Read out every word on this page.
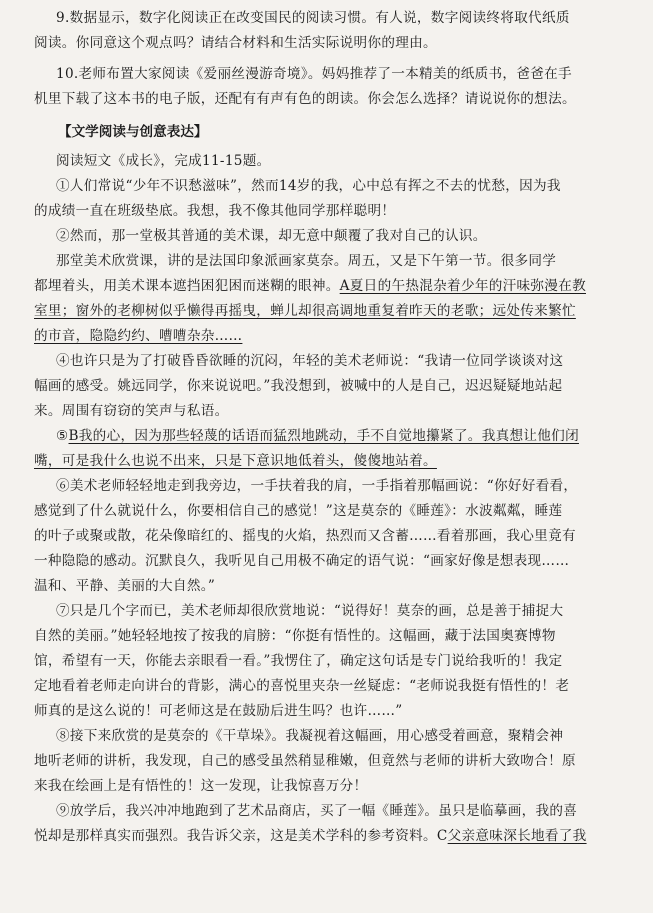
9.数据显示，数字化阅读正在改变国民的阅读习惯。有人说，数字阅读终将取代纸质
阅读。你同意这个观点吗？请结合材料和生活实际说明你的理由。
10.老师布置大家阅读《爱丽丝漫游奇境》。妈妈推荐了一本精美的纸质书，爸爸在手
机里下载了这本书的电子版，还配有有声有色的朗读。你会怎么选择？请说说你的想法。
【文学阅读与创意表达】
阅读短文《成长》，完成11-15题。
①人们常说“少年不识愁滋味”，然而14岁的我，心中总有挥之不去的忧愁，因为我
的成绩一直在班级垫底。我想，我不像其他同学那样聪明！
②然而，那一堂极其普通的美术课，却无意中颠覆了我对自己的认识。
那堂美术欣赏课，讲的是法国印象派画家莫奈。周五，又是下午第一节。很多同学
都埋着头，用美术课本遮挡困犯困而迷糊的眼神。A夏日的午热混杂着少年的汗味弥漫在教
室里；窗外的老柳树似乎懒得再摇曳，蝉儿却很高调地重复着昨天的老歌；远处传来繁忙
的市音，隐隐约约、嘈嘈杂杂……
④也许只是为了打破昏昏欲睡的沉闷，年轻的美术老师说：“我请一位同学谈谈对这
幅画的感受。姚远同学，你来说说吧。”我没想到，被喊中的人是自己，迟迟疑疑地站起
来。周围有窃窃的笑声与私语。
⑤B我的心，因为那些轻蔑的话语而猛烈地跳动，手不自觉地攥紧了。我真想让他们闭
嘴，可是我什么也说不出来，只是下意识地低着头，傻傻地站着。
⑥美术老师轻轻地走到我旁边，一手扶着我的肩，一手指着那幅画说：“你好好看看，
感觉到了什么就说什么，你要相信自己的感觉！”这是莫奈的《睡莲》：水波粼粼，睡莲
的叶子或聚或散，花朵像暗红的、摇曳的火焰，热烈而又含蓄……看着那画，我心里竟有
一种隐隐的感动。沉默良久，我听见自己用极不确定的语气说：“画家好像是想表现……
温和、平静、美丽的大自然。”
⑦只是几个字而已，美术老师却很欣赏地说：“说得好！莫奈的画，总是善于捕捉大
自然的美丽。”她轻轻地按了按我的肩膀：“你挺有悟性的。这幅画，藏于法国奥赛博物
馆，希望有一天，你能去亲眼看一看。”我愣住了，确定这句话是专门说给我听的！我定
定地看着老师走向讲台的背影，满心的喜悦里夹杂一丝疑虑：“老师说我挺有悟性的！老
师真的是这么说的！可老师这是在鼓励后进生吗？也许……”
⑧接下来欣赏的是莫奈的《干草垛》。我凝视着这幅画，用心感受着画意，聚精会神
地听老师的讲析，我发现，自己的感受虽然稍显稚嫩，但竟然与老师的讲析大致吻合！原
来我在绘画上是有悟性的！这一发现，让我惊喜万分！
⑨放学后，我兴冲冲地跑到了艺术品商店，买了一幅《睡莲》。虽只是临摹画，我的喜
悦却是那样真实而强烈。我告诉父亲，这是美术学科的参考资料。C父亲意味深长地看了我
